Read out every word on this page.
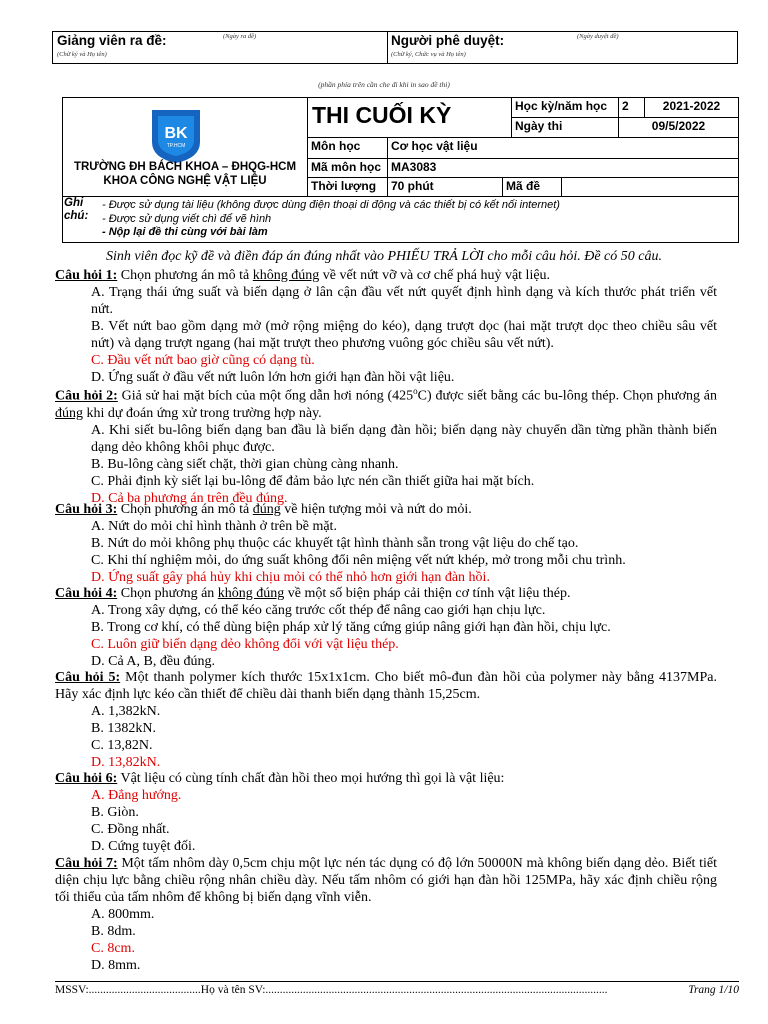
Giảng viên ra đề:	(Ngày ra đề)
(Chữ ký và Họ tên)
Người phê duyệt:	(Ngày duyệt đề)
(Chữ ký, Chức vụ và Họ tên)
(phần phía trên cần che đi khi in sao đề thi)
BK
TP.HCM
TRƯỜNG ĐH BÁCH KHOA – ĐHQG-HCM
KHOA CÔNG NGHỆ VẬT LIỆU
THI CUỐI KỲ	Học kỳ/năm học	2	2021-2022
Ngày thi	09/5/2022
Môn học	Cơ học vật liệu
Mã môn học MA3083
Thời lượng	70 phút	Mã đề
Ghi
chú:
- Được sử dụng tài liệu (không được dùng điện thoại di động và các thiết bị có kết nối internet)
- Được sử dụng viết chì để vẽ hình
- Nộp lại đề thi cùng với bài làm
Sinh viên đọc kỹ đề và điền đáp án đúng nhất vào PHIẾU TRẢ LỜI cho mỗi câu hỏi. Đề có 50 câu.
Câu hỏi 1: Chọn phương án mô tả không đúng về vết nứt vỡ và cơ chế phá huỷ vật liệu.
A. Trạng thái ứng suất và biến dạng ở lân cận đầu vết nứt quyết định hình dạng và kích thước phát triển vết nứt.
B. Vết nứt bao gồm dạng mở (mở rộng miệng do kéo), dạng trượt dọc (hai mặt trượt dọc theo chiều sâu vết nứt) và dạng trượt ngang (hai mặt trượt theo phương vuông góc chiều sâu vết nứt).
C. Đầu vết nứt bao giờ cũng có dạng tù.
D. Ứng suất ở đầu vết nứt luôn lớn hơn giới hạn đàn hồi vật liệu.
Câu hỏi 2: Giả sử hai mặt bích của một ống dẫn hơi nóng (425$^o$C) được siết bằng các bu-lông thép. Chọn phương án đúng khi dự đoán ứng xử trong trường hợp này.
A. Khi siết bu-lông biến dạng ban đầu là biến dạng đàn hồi; biến dạng này chuyển dần từng phần thành biến dạng dẻo không khôi phục được.
B. Bu-lông càng siết chặt, thời gian chùng càng nhanh.
C. Phải định kỳ siết lại bu-lông để đảm bảo lực nén cần thiết giữa hai mặt bích.
D. Cả ba phương án trên đều đúng.
Câu hỏi 3: Chọn phương án mô tả đúng về hiện tượng mỏi và nứt do mỏi.
A. Nứt do mỏi chỉ hình thành ở trên bề mặt.
B. Nứt do mỏi không phụ thuộc các khuyết tật hình thành sẵn trong vật liệu do chế tạo.
C. Khi thí nghiệm mỏi, do ứng suất không đổi nên miệng vết nứt khép, mở trong mỗi chu trình.
D. Ứng suất gây phá hủy khi chịu mỏi có thể nhỏ hơn giới hạn đàn hồi.
Câu hỏi 4: Chọn phương án không đúng về một số biện pháp cải thiện cơ tính vật liệu thép.
A. Trong xây dựng, có thể kéo căng trước cốt thép để nâng cao giới hạn chịu lực.
B. Trong cơ khí, có thể dùng biện pháp xử lý tăng cứng giúp nâng giới hạn đàn hồi, chịu lực.
C. Luôn giữ biến dạng dẻo không đổi với vật liệu thép.
D. Cả A, B, đều đúng.
Câu hỏi 5: Một thanh polymer kích thước 15x1x1cm. Cho biết mô-đun đàn hồi của polymer này bằng 4137MPa. Hãy xác định lực kéo cần thiết để chiều dài thanh biến dạng thành 15,25cm.
A. 1,382kN.
B. 1382kN.
C. 13,82N.
D. 13,82kN.
Câu hỏi 6: Vật liệu có cùng tính chất đàn hồi theo mọi hướng thì gọi là vật liệu:
A. Đẳng hướng.
B. Giòn.
C. Đồng nhất.
D. Cứng tuyệt đối.
Câu hỏi 7: Một tấm nhôm dày 0,5cm chịu một lực nén tác dụng có độ lớn 50000N mà không biến dạng dẻo. Biết tiết diện chịu lực bằng chiều rộng nhân chiều dày. Nếu tấm nhôm có giới hạn đàn hồi 125MPa, hãy xác định chiều rộng tối thiểu của tấm nhôm để không bị biến dạng vĩnh viễn.
A. 800mm.
B. 8dm.
C. 8cm.
D. 8mm.
MSSV:.......................................Họ và tên SV:.......................................................................................................................	Trang 1/10
